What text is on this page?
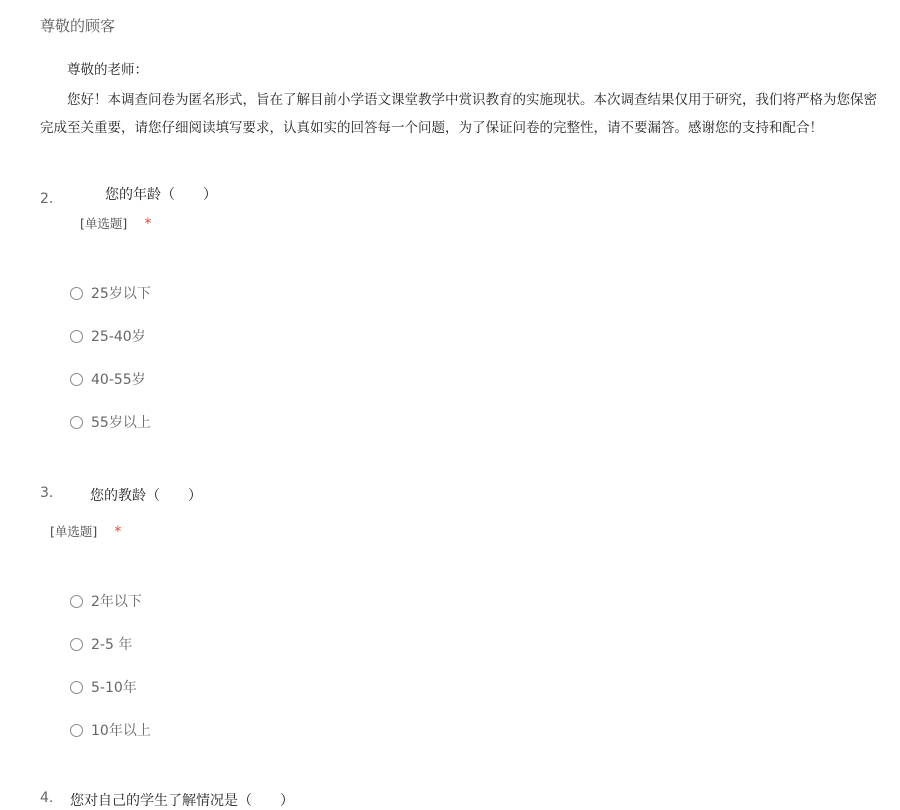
尊敬的顾客
尊敬的老师：
您好！本调查问卷为匿名形式，旨在了解目前小学语文课堂教学中赏识教育的实施现状。本次调查结果仅用于研究，我们将严格为您保密
完成至关重要，请您仔细阅读填写要求，认真如实的回答每一个问题，为了保证问卷的完整性，请不要漏答。感谢您的支持和配合！
2.	您的年龄（　　）
[单选题] *
25岁以下
25-40岁
40-55岁
55岁以上
3.	您的教龄（　　）
[单选题] *
2年以下
2-5 年
5-10年
10年以上
4. 您对自己的学生了解情况是（　　）
